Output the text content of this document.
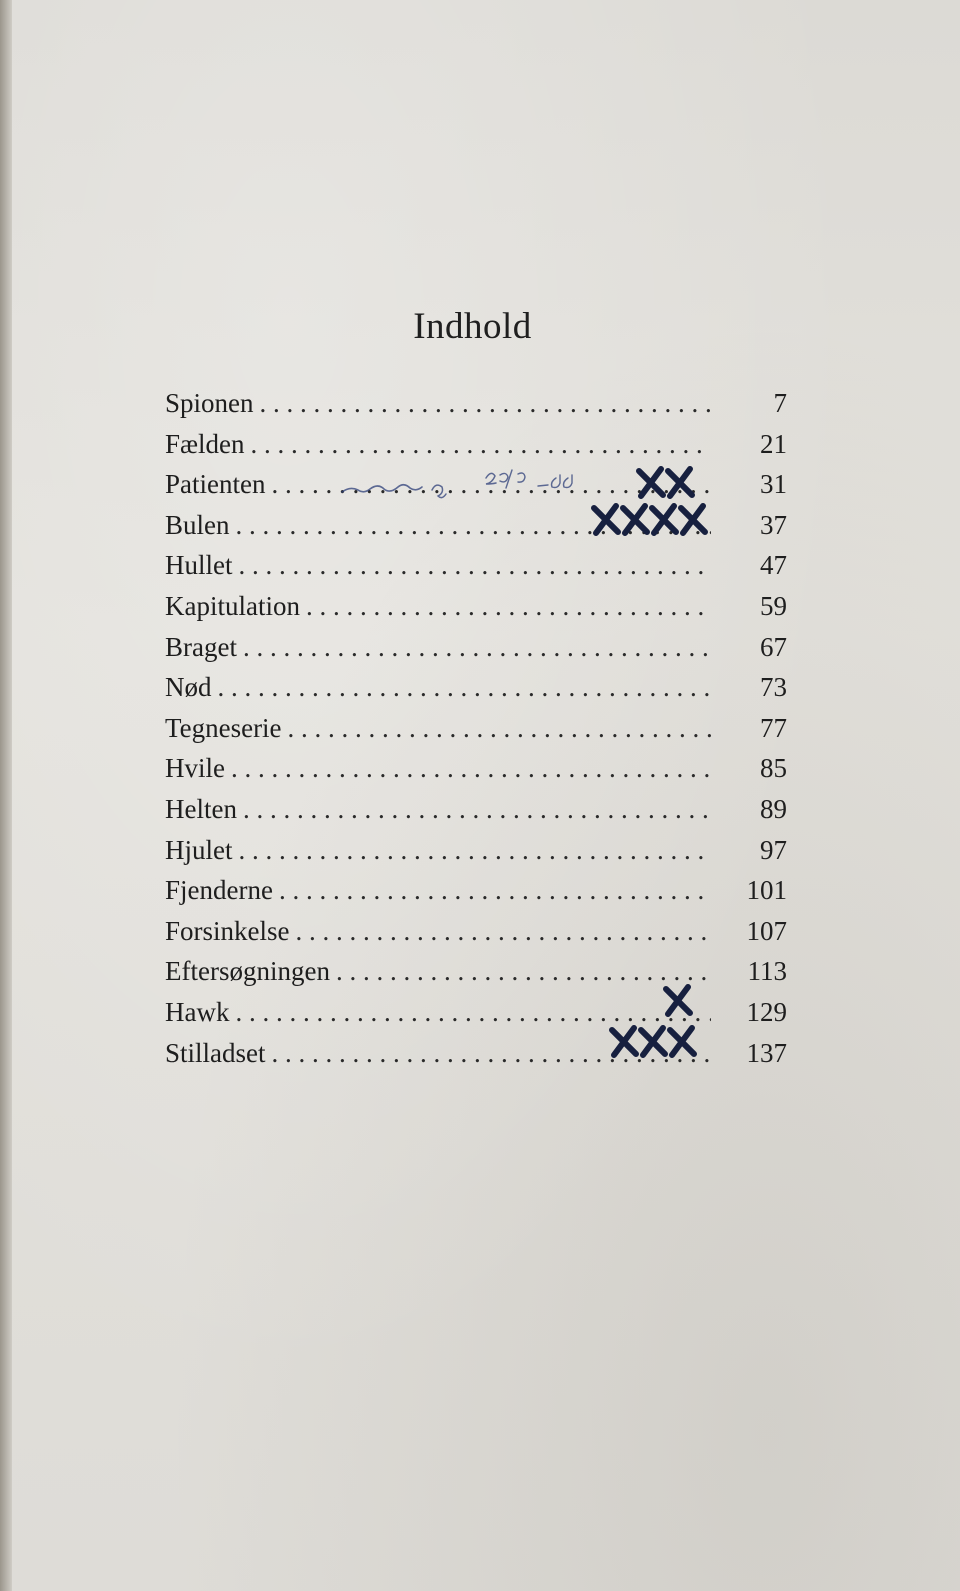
Indhold
Spionen . . .	7
Fælden . . .	21
Patienten . . .	31
Bulen . . .	37
Hullet . . .	47
Kapitulation . . .	59
Braget . . .	67
Nød . . .	73
Tegneserie . . .	77
Hvile . . .	85
Helten . . .	89
Hjulet . . .	97
Fjenderne . . .	101
Forsinkelse . . .	107
Eftersøgningen . . .	113
Hawk . . .	129
Stilladset . . .	137
